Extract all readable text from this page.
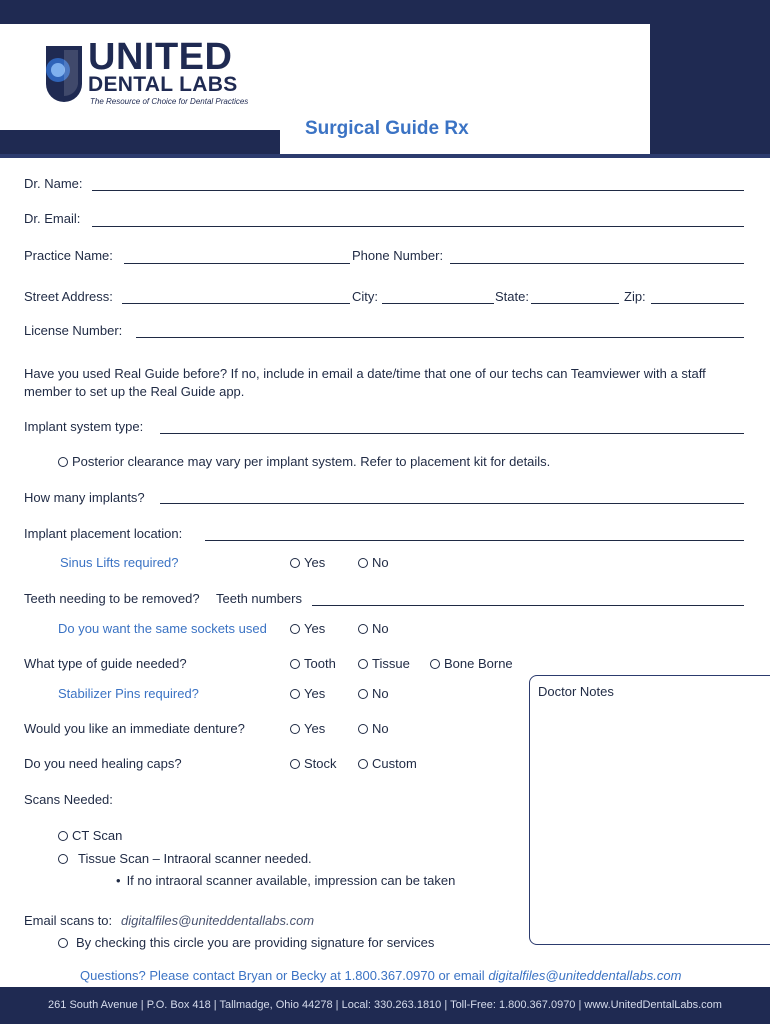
UNITED
DENTAL LABS
The Resource of Choice for Dental Practices
Surgical Guide Rx
Dr. Name:
Dr. Email:
Practice Name:	Phone Number:
Street Address:	City:	State:	Zip:
License Number:
Have you used Real Guide before? If no, include in email a date/time that one of our techs can Teamviewer with a staff member to set up the Real Guide app.
Implant system type:
Posterior clearance may vary per implant system. Refer to placement kit for details.
How many implants?
Implant placement location:
Sinus Lifts required?	Yes	No
Teeth needing to be removed? Teeth numbers
Do you want the same sockets used	Yes	No
What type of guide needed?	Tooth	Tissue	Bone Borne
Stabilizer Pins required?	Yes	No
Would you like an immediate denture?	Yes	No
Do you need healing caps?	Stock	Custom
Doctor Notes
Scans Needed:
CT Scan
Tissue Scan – Intraoral scanner needed.
• If no intraoral scanner available, impression can be taken
Email scans to: digitalfiles@uniteddentallabs.com
By checking this circle you are providing signature for services
Questions? Please contact Bryan or Becky at 1.800.367.0970 or email digitalfiles@uniteddentallabs.com
261 South Avenue | P.O. Box 418 | Tallmadge, Ohio 44278 | Local: 330.263.1810 | Toll-Free: 1.800.367.0970 | www.UnitedDentalLabs.com
